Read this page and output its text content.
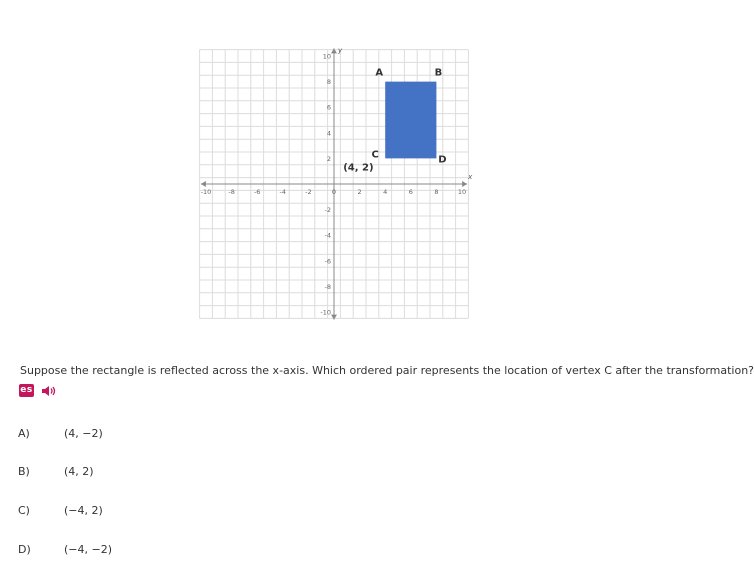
x
y
-10	-8	-6	-4	-2	0	2	4	6	8	10
10
8
6
4
2
-2
-4
-6
-8
-10
A	B
D
C
(4, 2)
Suppose the rectangle is reflected across the x-axis. Which ordered pair represents the location of vertex C after the transformation?
es
A)	(4, −2)
B)	(4, 2)
C)	(−4, 2)
D)	(−4, −2)
